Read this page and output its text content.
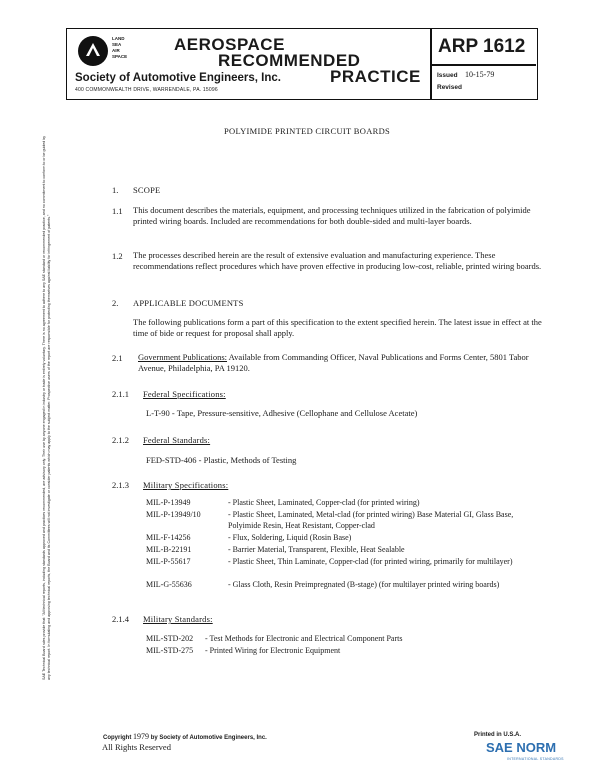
LAND SEA AIR SPACE
AEROSPACE
RECOMMENDED
PRACTICE
Society of Automotive Engineers, Inc.
400 COMMONWEALTH DRIVE, WARRENDALE, PA. 15096
ARP 1612
Issued 10-15-79
Revised
SAE Technical Board rules provide that: "All technical reports, including standards approved and practices recommended, are advisory only. Their use by anyone engaged in industry or trade is entirely voluntary. There is no agreement to adhere to any SAE standard or recommended practice, and no commitment to conform to or be guided by any technical report. In formulating and approving technical reports, the Board and its Committees will not investigate or consider patents which may apply to the subject matter. Prospective users of the report are responsible for protecting themselves against liability for infringement of patents."
POLYIMIDE PRINTED CIRCUIT BOARDS
1. SCOPE
1.1 This document describes the materials, equipment, and processing techniques utilized in the fabrication of polyimide printed wiring boards. Included are recommendations for both double-sided and multi-layer boards.
1.2 The processes described herein are the result of extensive evaluation and manufacturing experience. These recommendations reflect procedures which have proven effective in producing low-cost, reliable, printed wiring boards.
2. APPLICABLE DOCUMENTS
The following publications form a part of this specification to the extent specified herein. The latest issue in effect at the time of bide or request for proposal shall apply.
2.1 Government Publications: Available from Commanding Officer, Naval Publications and Forms Center, 5801 Tabor Avenue, Philadelphia, PA 19120.
2.1.1 Federal Specifications:
L-T-90 - Tape, Pressure-sensitive, Adhesive (Cellophane and Cellulose Acetate)
2.1.2 Federal Standards:
FED-STD-406 - Plastic, Methods of Testing
2.1.3 Military Specifications:
MIL-P-13949	- Plastic Sheet, Laminated, Copper-clad (for printed wiring)
MIL-P-13949/10	- Plastic Sheet, Laminated, Metal-clad (for printed wiring) Base Material GI, Glass Base, Polyimide Resin, Heat Resistant, Copper-clad
MIL-F-14256	- Flux, Soldering, Liquid (Rosin Base)
MIL-B-22191	- Barrier Material, Transparent, Flexible, Heat Sealable
MIL-P-55617	- Plastic Sheet, Thin Laminate, Copper-clad (for printed wiring, primarily for multilayer)
MIL-G-55636	- Glass Cloth, Resin Preimpregnated (B-stage) (for multilayer printed wiring boards)
2.1.4 Military Standards:
MIL-STD-202 - Test Methods for Electronic and Electrical Component Parts
MIL-STD-275 - Printed Wiring for Electronic Equipment
Copyright 1979 by Society of Automotive Engineers, Inc.
All Rights Reserved
Printed in U.S.A.
SAE NORM
INTERNATIONAL STANDARDS
